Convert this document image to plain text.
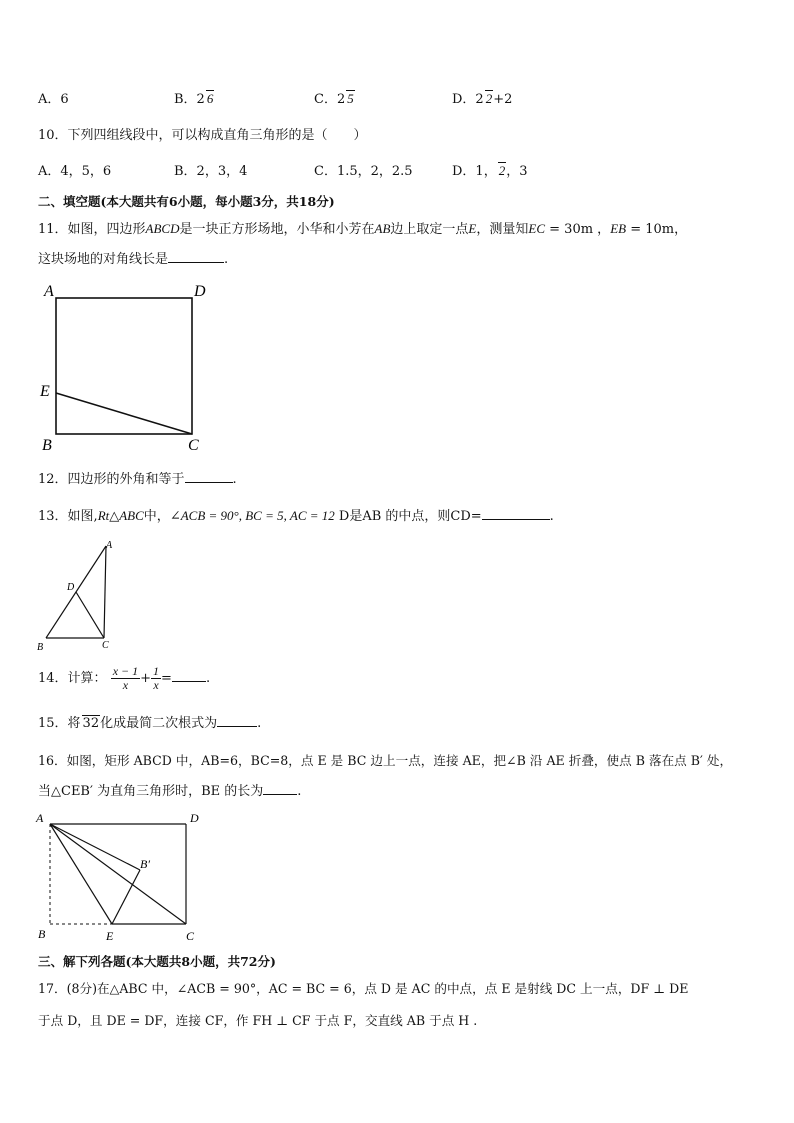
A．6	B．2 6	C．2 5	D．2 2+2
10．下列四组线段中，可以构成直角三角形的是（　　）
A．4，5，6	B．2，3，4	C．1.5，2，2.5	D．1， 2，3
二、填空题(本大题共有6小题，每小题3分，共18分)
11．如图，四边形ABCD是一块正方形场地，小华和小芳在AB边上取定一点E，测量知EC = 30m ，EB = 10m，
这块场地的对角线长是	.
A	D
E
B	C
12．四边形的外角和等于	.
13．如图,Rt△ABC中，∠ACB = 90°, BC = 5, AC = 12 D是AB 的中点，则CD=	.
A
D
B	C
14．计算： $\frac{x - 1}{x} + \frac{1}{x}$ =	.
15．将 32化成最简二次根式为	.
16．如图，矩形 ABCD 中，AB=6，BC=8，点 E 是 BC 边上一点，连接 AE，把∠B 沿 AE 折叠，使点 B 落在点 B′ 处，
当△CEB′ 为直角三角形时，BE 的长为	.
A	D
B′
B	E	C
三、解下列各题(本大题共8小题，共72分)
17．(8分)在△ABC 中，∠ACB = 90°，AC = BC = 6，点 D 是 AC 的中点，点 E 是射线 DC 上一点，DF ⊥ DE
于点 D，且 DE = DF，连接 CF，作 FH ⊥ CF 于点 F，交直线 AB 于点 H .
